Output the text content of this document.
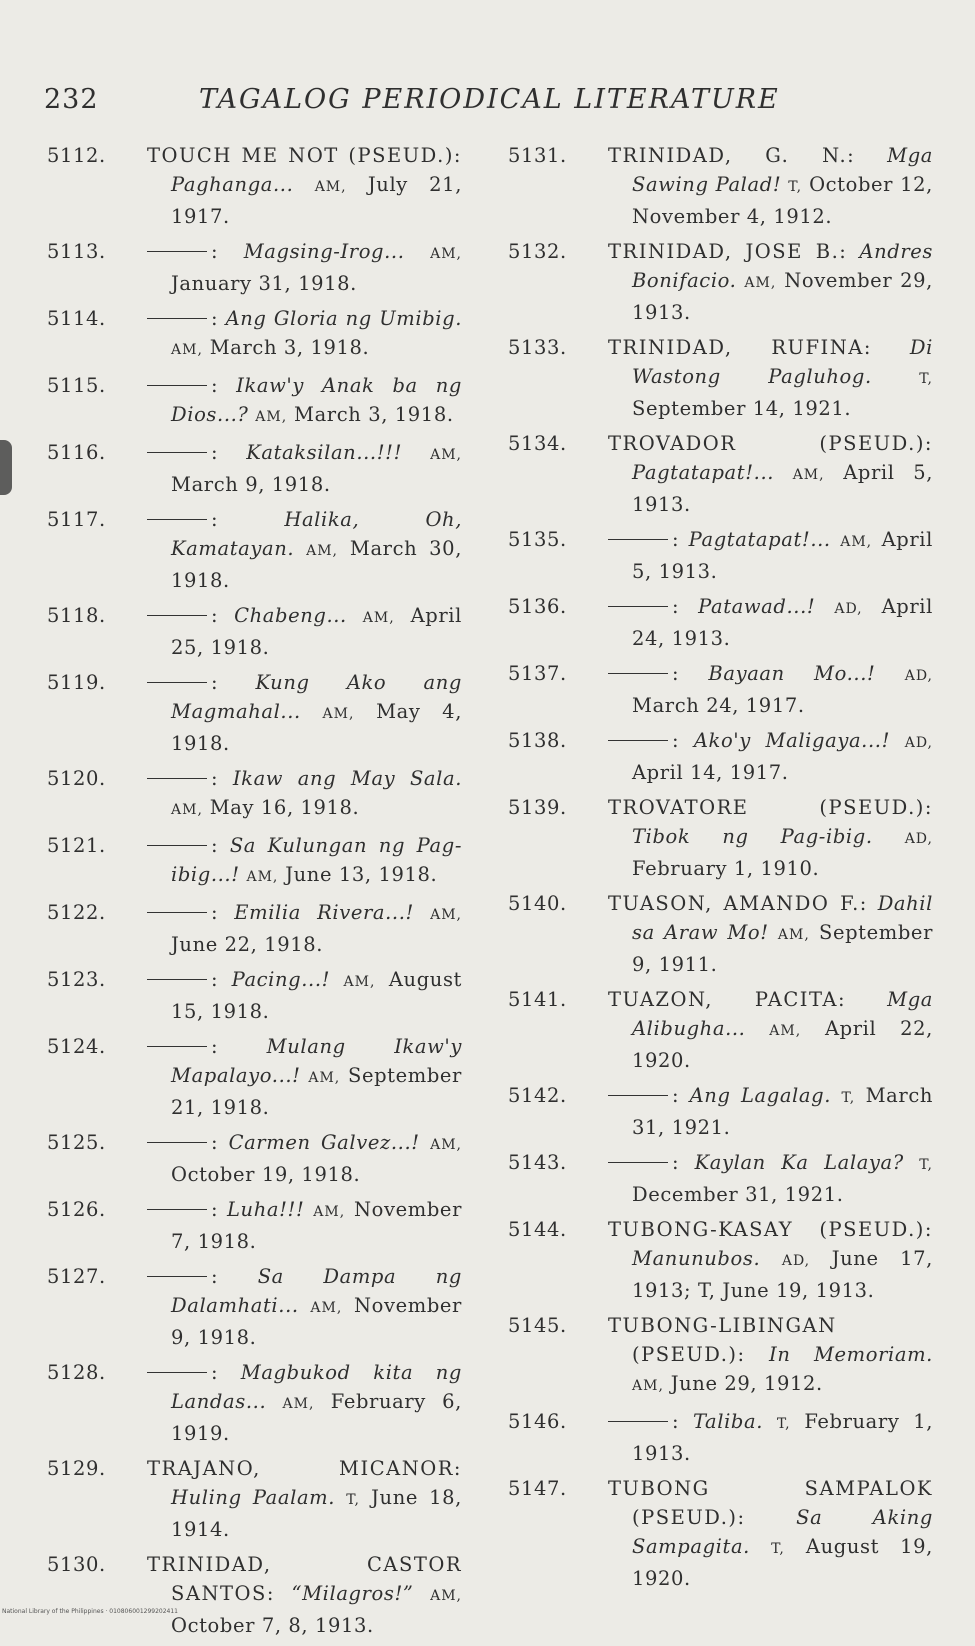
232	TAGALOG PERIODICAL LITERATURE
5112.	TOUCH ME NOT (PSEUD.): Paghanga... AM, July 21, 1917.
5113.	: Magsing-Irog... AM, January 31, 1918.
5114.	: Ang Gloria ng Umibig. AM, March 3, 1918.
5115.	: Ikaw'y Anak ba ng Dios...? AM, March 3, 1918.
5116.	: Kataksilan...!!! AM, March 9, 1918.
5117.	: Halika, Oh, Kamatayan. AM, March 30, 1918.
5118.	: Chabeng... AM, April 25, 1918.
5119.	: Kung Ako ang Magmahal... AM, May 4, 1918.
5120.	: Ikaw ang May Sala. AM, May 16, 1918.
5121.	: Sa Kulungan ng Pag-ibig...! AM, June 13, 1918.
5122.	: Emilia Rivera...! AM, June 22, 1918.
5123.	: Pacing...! AM, August 15, 1918.
5124.	: Mulang Ikaw'y Mapalayo...! AM, September 21, 1918.
5125.	: Carmen Galvez...! AM, October 19, 1918.
5126.	: Luha!!! AM, November 7, 1918.
5127.	: Sa Dampa ng Dalamhati... AM, November 9, 1918.
5128.	: Magbukod kita ng Landas... AM, February 6, 1919.
5129.	TRAJANO, MICANOR: Huling Paalam. T, June 18, 1914.
5130.	TRINIDAD, CASTOR SANTOS: “Milagros!” AM, October 7, 8, 1913.
5131.	TRINIDAD, G. N.: Mga Sawing Palad! T, October 12, November 4, 1912.
5132.	TRINIDAD, JOSE B.: Andres Bonifacio. AM, November 29, 1913.
5133.	TRINIDAD, RUFINA: Di Wastong Pagluhog.	T, September 14, 1921.
5134.	TROVADOR (PSEUD.): Pagtatapat!... AM, April 5, 1913.
5135.	: Pagtatapat!... AM, April 5, 1913.
5136.	: Patawad...! AD, April 24, 1913.
5137.	: Bayaan Mo...! AD, March 24, 1917.
5138.	: Ako'y Maligaya...! AD, April 14, 1917.
5139.	TROVATORE (PSEUD.): Tibok ng Pag-ibig. AD, February 1, 1910.
5140.	TUASON, AMANDO F.: Dahil sa Araw Mo! AM, September 9, 1911.
5141.	TUAZON, PACITA: Mga Alibugha... AM, April 22, 1920.
5142.	: Ang Lagalag. T, March 31, 1921.
5143.	: Kaylan Ka Lalaya? T, December 31, 1921.
5144.	TUBONG-KASAY (PSEUD.): Manunubos. AD, June 17, 1913; T, June 19, 1913.
5145.	TUBONG-LIBINGAN (PSEUD.): In Memoriam. AM, June 29, 1912.
5146.	: Taliba. T, February 1, 1913.
5147.	TUBONG SAMPALOK (PSEUD.):	Sa Aking Sampagita. T, August 19, 1920.
National Library of the Philippines · 010806001299202411
